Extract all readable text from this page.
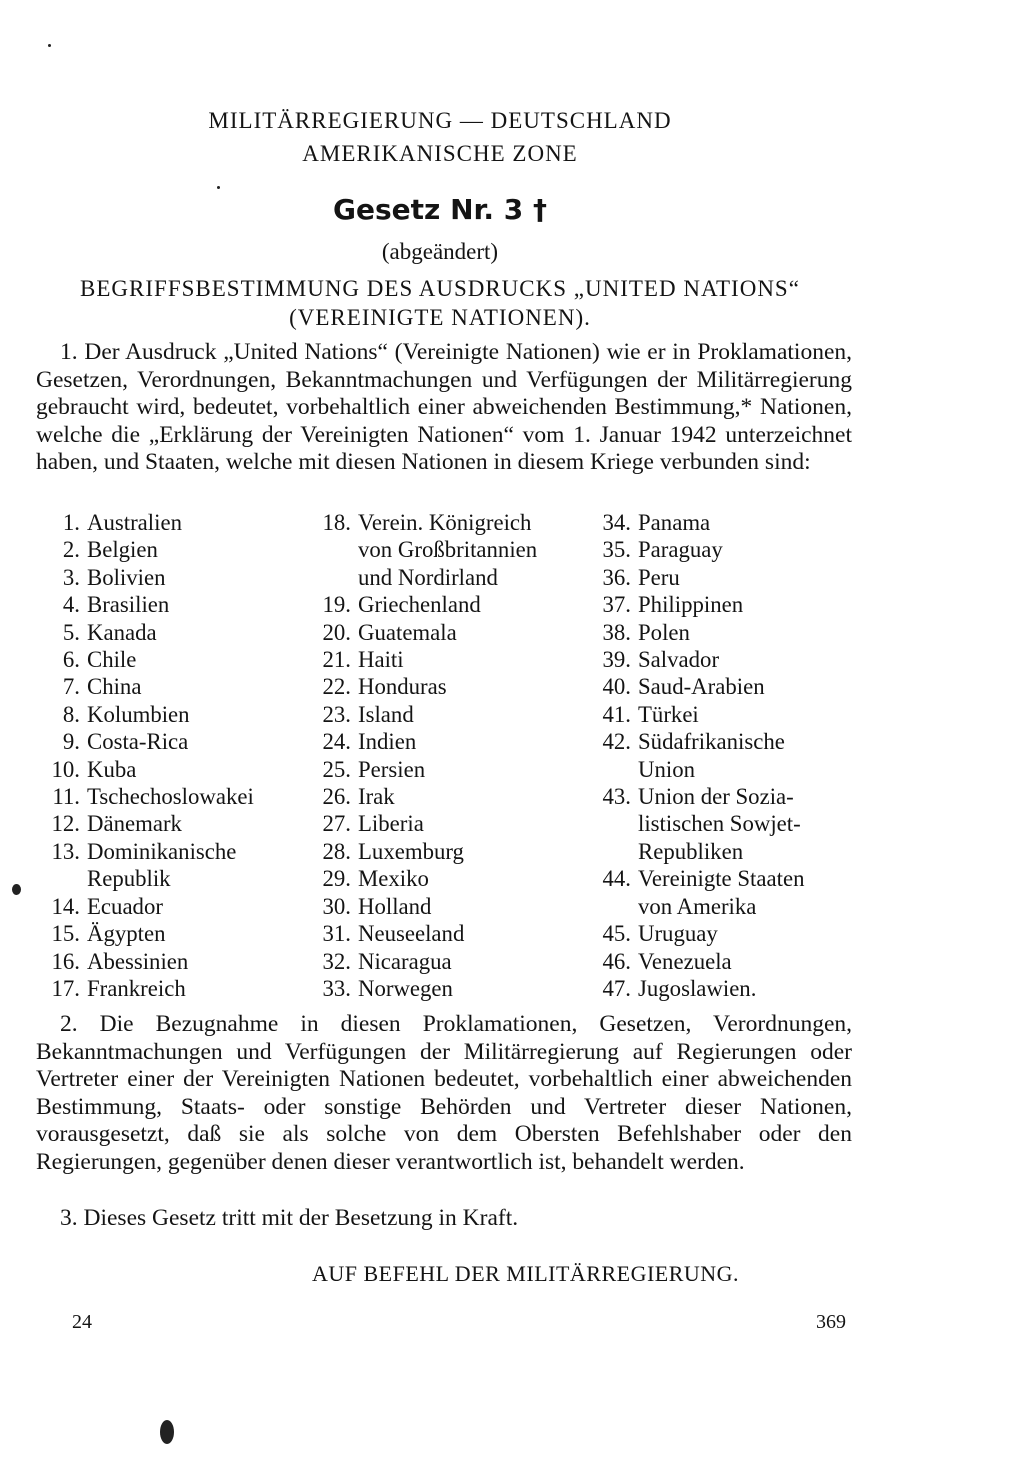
MILITÄRREGIERUNG — DEUTSCHLAND
AMERIKANISCHE ZONE
Gesetz Nr. 3 †
(abgeändert)
BEGRIFFSBESTIMMUNG DES AUSDRUCKS „UNITED NATIONS“
(VEREINIGTE NATIONEN).

1. Der Ausdruck „United Nations“ (Vereinigte Nationen) wie er in Proklamationen, Gesetzen, Verordnungen, Bekanntmachungen und Verfügungen der Militärregierung gebraucht wird, bedeutet, vorbehaltlich einer abweichenden Bestimmung,* Nationen, welche die „Erklärung der Vereinigten Nationen“ vom 1. Januar 1942 unterzeichnet haben, und Staaten, welche mit diesen Nationen in diesem Kriege verbunden sind:

1. Australien
2. Belgien
3. Bolivien
4. Brasilien
5. Kanada
6. Chile
7. China
8. Kolumbien
9. Costa-Rica
10. Kuba
11. Tschechoslowakei
12. Dänemark
13. Dominikanische
Republik
14. Ecuador
15. Ägypten
16. Abessinien
17. Frankreich
18. Verein. Königreich
von Großbritannien
und Nordirland
19. Griechenland
20. Guatemala
21. Haiti
22. Honduras
23. Island
24. Indien
25. Persien
26. Irak
27. Liberia
28. Luxemburg
29. Mexiko
30. Holland
31. Neuseeland
32. Nicaragua
33. Norwegen
34. Panama
35. Paraguay
36. Peru
37. Philippinen
38. Polen
39. Salvador
40. Saud-Arabien
41. Türkei
42. Südafrikanische
Union
43. Union der Sozia-
listischen Sowjet-
Republiken
44. Vereinigte Staaten
von Amerika
45. Uruguay
46. Venezuela
47. Jugoslawien.

2. Die Bezugnahme in diesen Proklamationen, Gesetzen, Verordnungen, Bekanntmachungen und Verfügungen der Militärregierung auf Regierungen oder Vertreter einer der Vereinigten Nationen bedeutet, vorbehaltlich einer abweichenden Bestimmung, Staats- oder sonstige Behörden und Vertreter dieser Nationen, vorausgesetzt, daß sie als solche von dem Obersten Befehlshaber oder den Regierungen, gegenüber denen dieser verantwortlich ist, behandelt werden.

3. Dieses Gesetz tritt mit der Besetzung in Kraft.

AUF BEFEHL DER MILITÄRREGIERUNG.
24	369
